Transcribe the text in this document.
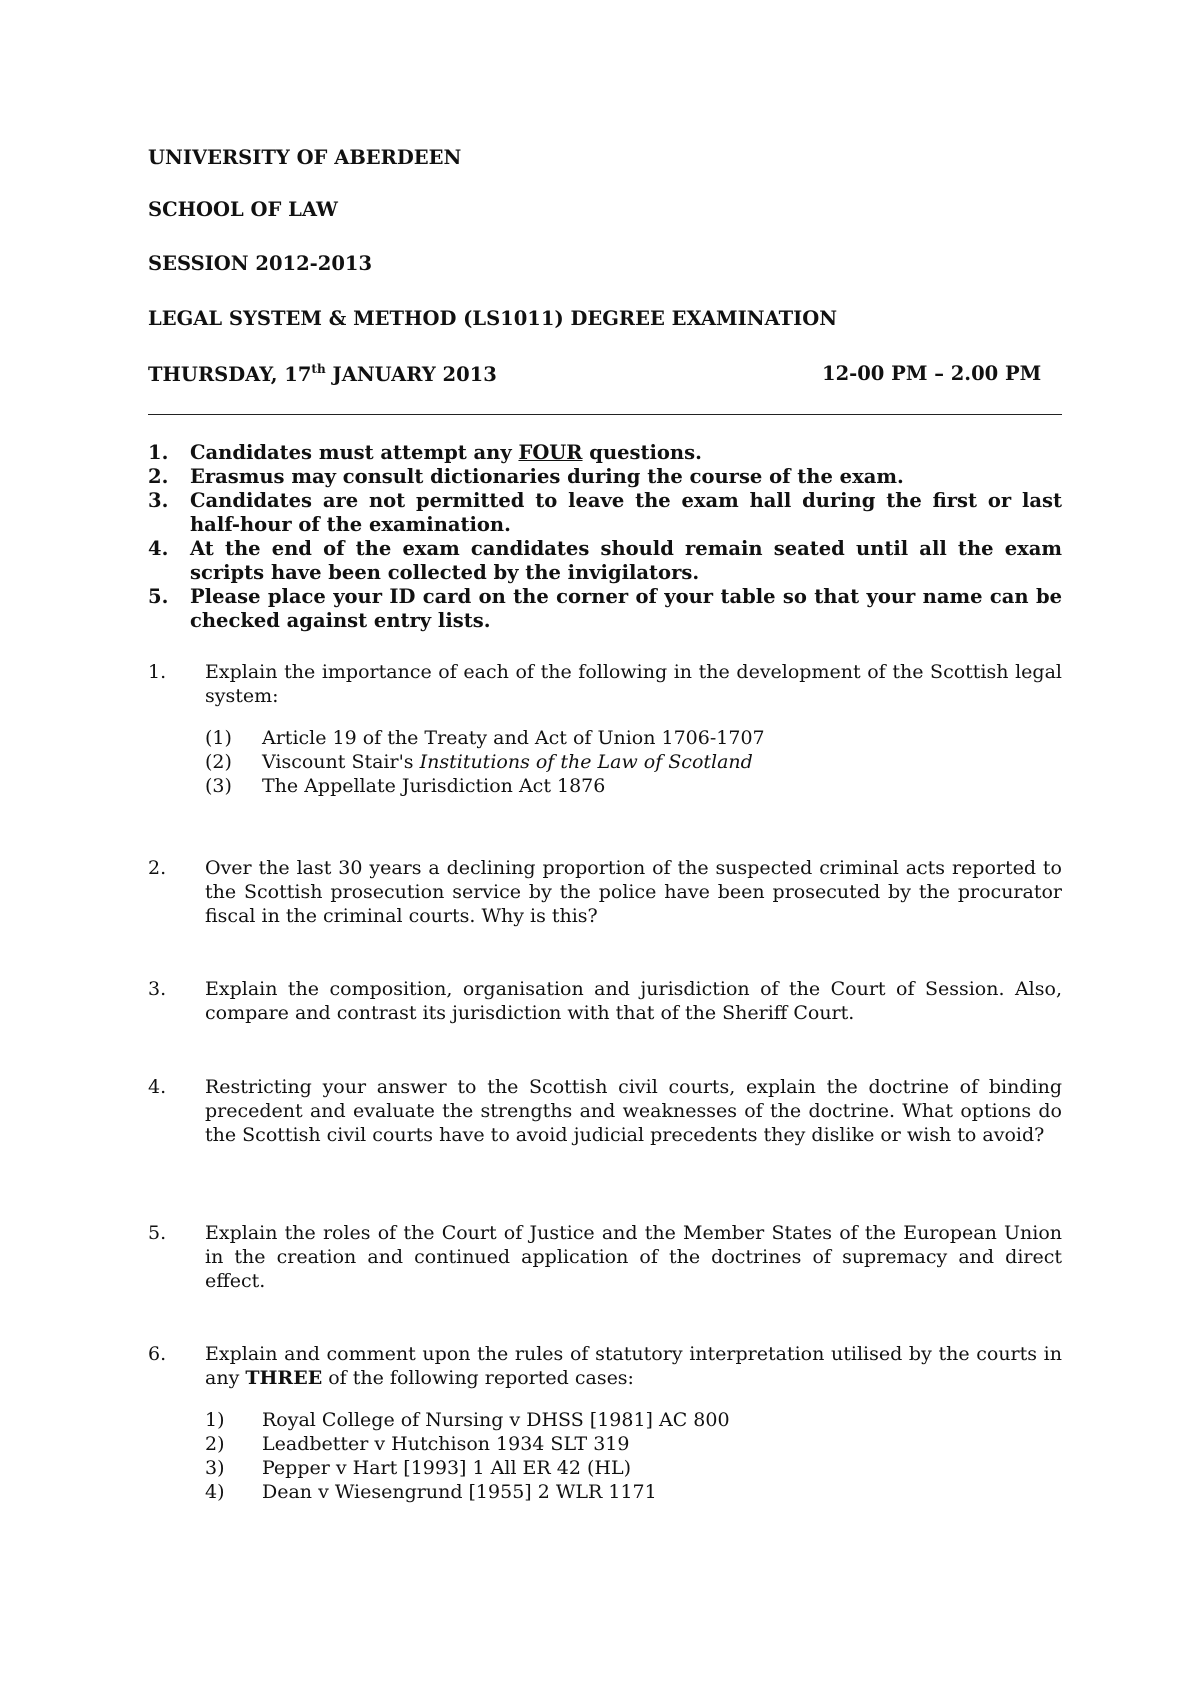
UNIVERSITY OF ABERDEEN

SCHOOL OF LAW

SESSION 2012-2013

LEGAL SYSTEM & METHOD (LS1011) DEGREE EXAMINATION

THURSDAY, 17th JANUARY 2013	12-00 PM – 2.00 PM
1.	Candidates must attempt any FOUR questions.
2.	Erasmus may consult dictionaries during the course of the exam.
3.	Candidates are not permitted to leave the exam hall during the first or last half-hour of the examination.
4.	At the end of the exam candidates should remain seated until all the exam scripts have been collected by the invigilators.
5.	Please place your ID card on the corner of your table so that your name can be checked against entry lists.
1.	Explain the importance of each of the following in the development of the Scottish legal system:
(1)	Article 19 of the Treaty and Act of Union 1706-1707
(2)	Viscount Stair's Institutions of the Law of Scotland
(3)	The Appellate Jurisdiction Act 1876
2.	Over the last 30 years a declining proportion of the suspected criminal acts reported to the Scottish prosecution service by the police have been prosecuted by the procurator fiscal in the criminal courts. Why is this?
3.	Explain the composition, organisation and jurisdiction of the Court of Session. Also, compare and contrast its jurisdiction with that of the Sheriff Court.
4.	Restricting your answer to the Scottish civil courts, explain the doctrine of binding precedent and evaluate the strengths and weaknesses of the doctrine. What options do the Scottish civil courts have to avoid judicial precedents they dislike or wish to avoid?
5.	Explain the roles of the Court of Justice and the Member States of the European Union in the creation and continued application of the doctrines of supremacy and direct effect.
6.	Explain and comment upon the rules of statutory interpretation utilised by the courts in any THREE of the following reported cases:
1)	Royal College of Nursing v DHSS [1981] AC 800
2)	Leadbetter v Hutchison 1934 SLT 319
3)	Pepper v Hart [1993] 1 All ER 42 (HL)
4)	Dean v Wiesengrund [1955] 2 WLR 1171
